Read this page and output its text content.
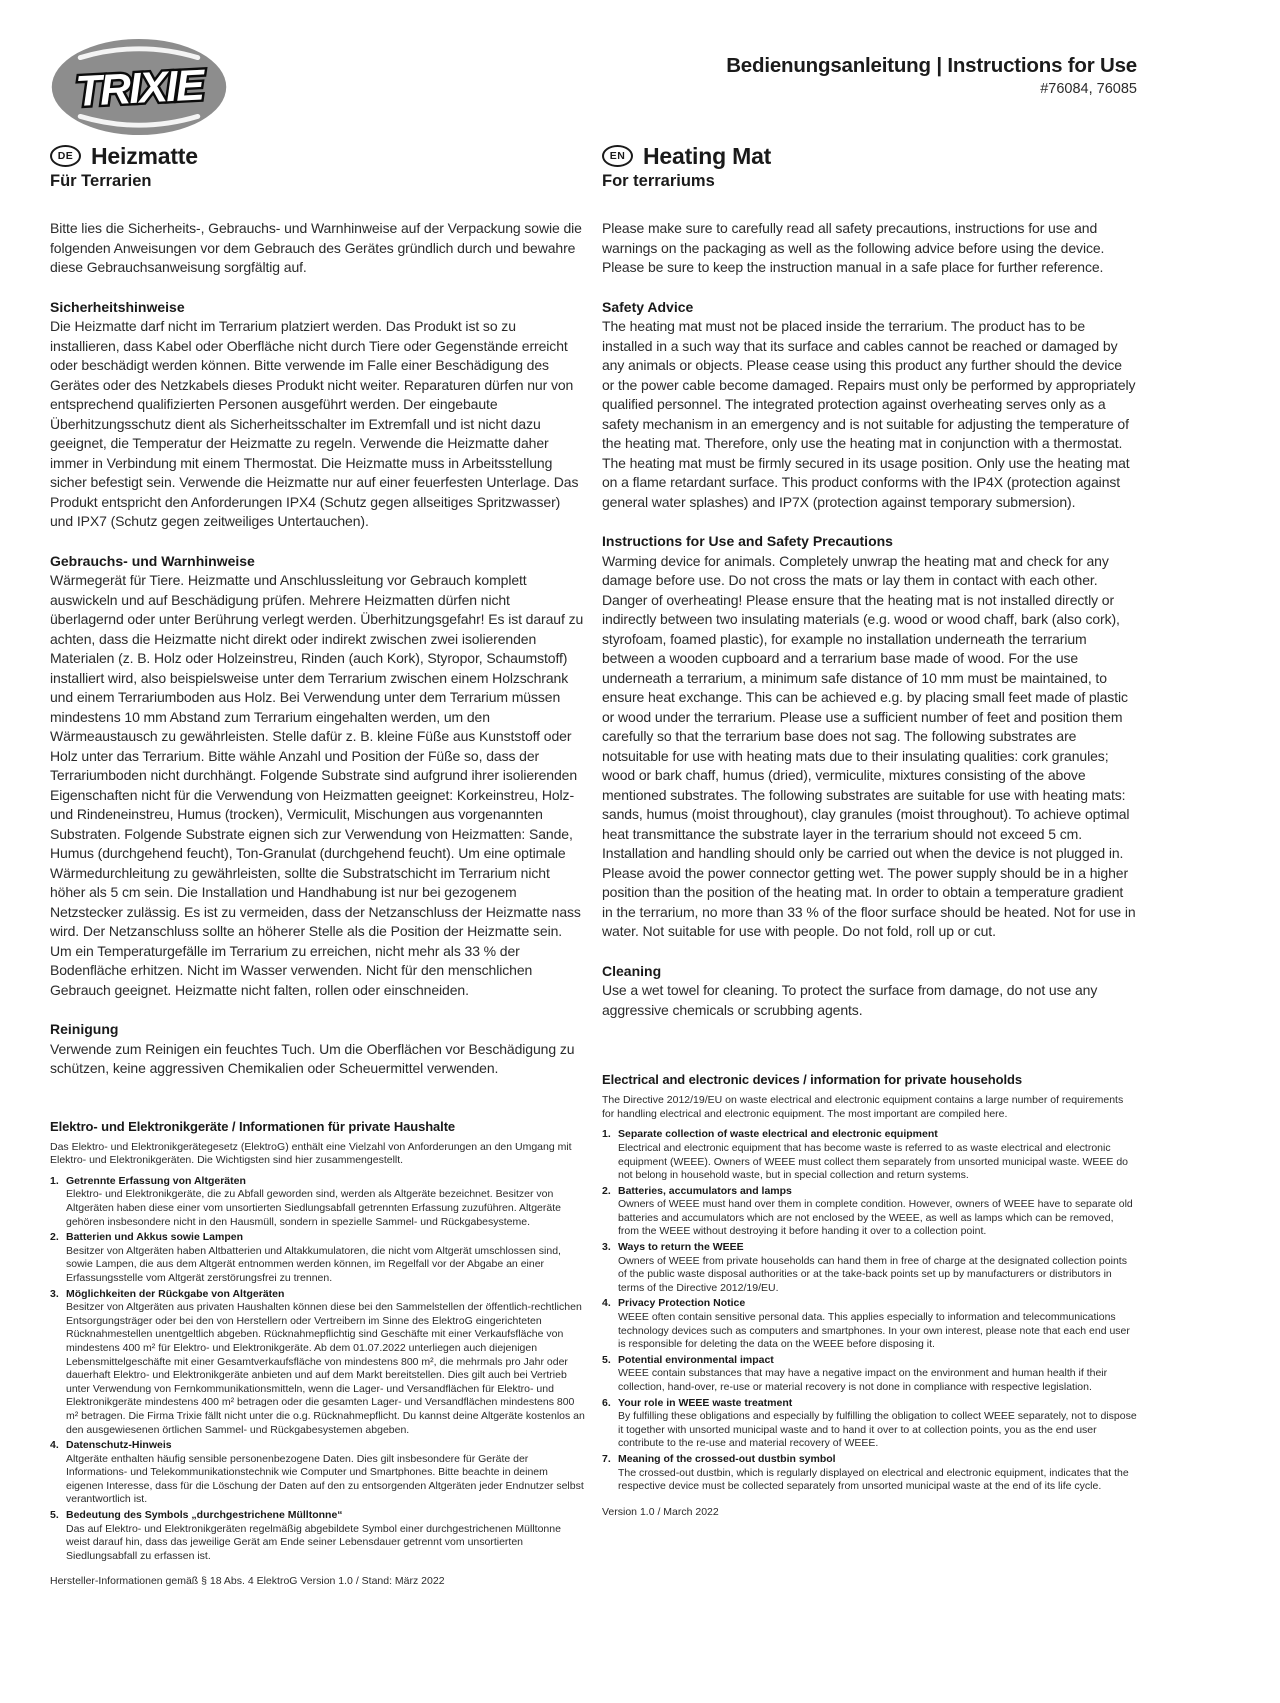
TRIXIE	Bedienungsanleitung | Instructions for Use
#76084, 76085
DE Heizmatte
Für Terrarien

Bitte lies die Sicherheits-, Gebrauchs- und Warnhinweise auf der Verpackung sowie die folgenden Anweisungen vor dem Gebrauch des Gerätes gründlich durch und bewahre diese Gebrauchsanweisung sorgfältig auf.

Sicherheitshinweise

Die Heizmatte darf nicht im Terrarium platziert werden. Das Produkt ist so zu installieren, dass Kabel oder Oberfläche nicht durch Tiere oder Gegenstände erreicht oder beschädigt werden können. Bitte verwende im Falle einer Beschädigung des Gerätes oder des Netzkabels dieses Produkt nicht weiter. Reparaturen dürfen nur von entsprechend qualifizierten Personen ausgeführt werden. Der eingebaute Überhitzungsschutz dient als Sicherheitsschalter im Extremfall und ist nicht dazu geeignet, die Temperatur der Heizmatte zu regeln. Verwende die Heizmatte daher immer in Verbindung mit einem Thermostat. Die Heizmatte muss in Arbeitsstellung sicher befestigt sein. Verwende die Heizmatte nur auf einer feuerfesten Unterlage. Das Produkt entspricht den Anforderungen IPX4 (Schutz gegen allseitiges Spritzwasser) und IPX7 (Schutz gegen zeitweiliges Untertauchen).

Gebrauchs- und Warnhinweise

Wärmegerät für Tiere. Heizmatte und Anschlussleitung vor Gebrauch komplett auswickeln und auf Beschädigung prüfen. Mehrere Heizmatten dürfen nicht überlagernd oder unter Berührung verlegt werden. Überhitzungsgefahr! Es ist darauf zu achten, dass die Heizmatte nicht direkt oder indirekt zwischen zwei isolierenden Materialen (z. B. Holz oder Holzeinstreu, Rinden (auch Kork), Styropor, Schaumstoff) installiert wird, also beispielsweise unter dem Terrarium zwischen einem Holzschrank und einem Terrariumboden aus Holz. Bei Verwendung unter dem Terrarium müssen mindestens 10 mm Abstand zum Terrarium eingehalten werden, um den Wärmeaustausch zu gewährleisten. Stelle dafür z. B. kleine Füße aus Kunststoff oder Holz unter das Terrarium. Bitte wähle Anzahl und Position der Füße so, dass der Terrariumboden nicht durchhängt. Folgende Substrate sind aufgrund ihrer isolierenden Eigenschaften nicht für die Verwendung von Heizmatten geeignet: Korkeinstreu, Holz- und Rindeneinstreu, Humus (trocken), Vermiculit, Mischungen aus vorgenannten Substraten. Folgende Substrate eignen sich zur Verwendung von Heizmatten: Sande, Humus (durchgehend feucht), Ton-Granulat (durchgehend feucht). Um eine optimale Wärmedurchleitung zu gewährleisten, sollte die Substratschicht im Terrarium nicht höher als 5 cm sein. Die Installation und Handhabung ist nur bei gezogenem Netzstecker zulässig. Es ist zu vermeiden, dass der Netzanschluss der Heizmatte nass wird. Der Netzanschluss sollte an höherer Stelle als die Position der Heizmatte sein. Um ein Temperaturgefälle im Terrarium zu erreichen, nicht mehr als 33 % der Bodenfläche erhitzen. Nicht im Wasser verwenden. Nicht für den menschlichen Gebrauch geeignet. Heizmatte nicht falten, rollen oder einschneiden.

Reinigung

Verwende zum Reinigen ein feuchtes Tuch. Um die Oberflächen vor Beschädigung zu schützen, keine aggressiven Chemikalien oder Scheuermittel verwenden.

Elektro- und Elektronikgeräte / Informationen für private Haushalte

Das Elektro- und Elektronikgerätegesetz (ElektroG) enthält eine Vielzahl von Anforderungen an den Umgang mit Elektro- und Elektronikgeräten. Die Wichtigsten sind hier zusammengestellt.

Getrennte Erfassung von Altgeräten
Elektro- und Elektronikgeräte, die zu Abfall geworden sind, werden als Altgeräte bezeichnet. Besitzer von Altgeräten haben diese einer vom unsortierten Siedlungsabfall getrennten Erfassung zuzuführen. Altgeräte gehören insbesondere nicht in den Hausmüll, sondern in spezielle Sammel- und Rückgabesysteme.
Batterien und Akkus sowie Lampen
Besitzer von Altgeräten haben Altbatterien und Altakkumulatoren, die nicht vom Altgerät umschlossen sind, sowie Lampen, die aus dem Altgerät entnommen werden können, im Regelfall vor der Abgabe an einer Erfassungsstelle vom Altgerät zerstörungsfrei zu trennen.
Möglichkeiten der Rückgabe von Altgeräten
Besitzer von Altgeräten aus privaten Haushalten können diese bei den Sammelstellen der öffentlich-rechtlichen Entsorgungsträger oder bei den von Herstellern oder Vertreibern im Sinne des ElektroG eingerichteten Rücknahmestellen unentgeltlich abgeben. Rücknahmepflichtig sind Geschäfte mit einer Verkaufsfläche von mindestens 400 m² für Elektro- und Elektronikgeräte. Ab dem 01.07.2022 unterliegen auch diejenigen Lebensmittelgeschäfte mit einer Gesamtverkaufsfläche von mindestens 800 m², die mehrmals pro Jahr oder dauerhaft Elektro- und Elektronikgeräte anbieten und auf dem Markt bereitstellen. Dies gilt auch bei Vertrieb unter Verwendung von Fernkommunikationsmitteln, wenn die Lager- und Versandflächen für Elektro- und Elektronikgeräte mindestens 400 m² betragen oder die gesamten Lager- und Versandflächen mindestens 800 m² betragen. Die Firma Trixie fällt nicht unter die o.g. Rücknahmepflicht. Du kannst deine Altgeräte kostenlos an den ausgewiesenen örtlichen Sammel- und Rückgabesystemen abgeben.
Datenschutz-Hinweis
Altgeräte enthalten häufig sensible personenbezogene Daten. Dies gilt insbesondere für Geräte der Informations- und Telekommunikationstechnik wie Computer und Smartphones. Bitte beachte in deinem eigenen Interesse, dass für die Löschung der Daten auf den zu entsorgenden Altgeräten jeder Endnutzer selbst verantwortlich ist.
Bedeutung des Symbols „durchgestrichene Mülltonne“
Das auf Elektro- und Elektronikgeräten regelmäßig abgebildete Symbol einer durchgestrichenen Mülltonne weist darauf hin, dass das jeweilige Gerät am Ende seiner Lebensdauer getrennt vom unsortierten Siedlungsabfall zu erfassen ist.

Hersteller-Informationen gemäß § 18 Abs. 4 ElektroG Version 1.0 / Stand: März 2022

EN Heating Mat
For terrariums

Please make sure to carefully read all safety precautions, instructions for use and warnings on the packaging as well as the following advice before using the device. Please be sure to keep the instruction manual in a safe place for further reference.

Safety Advice

The heating mat must not be placed inside the terrarium. The product has to be installed in a such way that its surface and cables cannot be reached or damaged by any animals or objects. Please cease using this product any further should the device or the power cable become damaged. Repairs must only be performed by appropriately qualified personnel. The integrated protection against overheating serves only as a safety mechanism in an emergency and is not suitable for adjusting the temperature of the heating mat. Therefore, only use the heating mat in conjunction with a thermostat. The heating mat must be firmly secured in its usage position. Only use the heating mat on a flame retardant surface. This product conforms with the IP4X (protection against general water splashes) and IP7X (protection against temporary submersion).

Instructions for Use and Safety Precautions

Warming device for animals. Completely unwrap the heating mat and check for any damage before use. Do not cross the mats or lay them in contact with each other. Danger of overheating! Please ensure that the heating mat is not installed directly or indirectly between two insulating materials (e.g. wood or wood chaff, bark (also cork), styrofoam, foamed plastic), for example no installation underneath the terrarium between a wooden cupboard and a terrarium base made of wood. For the use underneath a terrarium, a minimum safe distance of 10 mm must be maintained, to ensure heat exchange. This can be achieved e.g. by placing small feet made of plastic or wood under the terrarium. Please use a sufficient number of feet and position them carefully so that the terrarium base does not sag. The following substrates are notsuitable for use with heating mats due to their insulating qualities: cork granules; wood or bark chaff, humus (dried), vermiculite, mixtures consisting of the above mentioned substrates. The following substrates are suitable for use with heating mats: sands, humus (moist throughout), clay granules (moist throughout). To achieve optimal heat transmittance the substrate layer in the terrarium should not exceed 5 cm. Installation and handling should only be carried out when the device is not plugged in. Please avoid the power connector getting wet. The power supply should be in a higher position than the position of the heating mat. In order to obtain a temperature gradient in the terrarium, no more than 33 % of the floor surface should be heated. Not for use in water. Not suitable for use with people. Do not fold, roll up or cut.

Cleaning

Use a wet towel for cleaning. To protect the surface from damage, do not use any aggressive chemicals or scrubbing agents.

Electrical and electronic devices / information for private households

The Directive 2012/19/EU on waste electrical and electronic equipment contains a large number of requirements for handling electrical and electronic equipment. The most important are compiled here.

Separate collection of waste electrical and electronic equipment
Electrical and electronic equipment that has become waste is referred to as waste electrical and electronic equipment (WEEE). Owners of WEEE must collect them separately from unsorted municipal waste. WEEE do not belong in household waste, but in special collection and return systems.
Batteries, accumulators and lamps
Owners of WEEE must hand over them in complete condition. However, owners of WEEE have to separate old batteries and accumulators which are not enclosed by the WEEE, as well as lamps which can be removed, from the WEEE without destroying it before handing it over to a collection point.
Ways to return the WEEE
Owners of WEEE from private households can hand them in free of charge at the designated collection points of the public waste disposal authorities or at the take-back points set up by manufacturers or distributors in terms of the Directive 2012/19/EU.
Privacy Protection Notice
WEEE often contain sensitive personal data. This applies especially to information and telecommunications technology devices such as computers and smartphones. In your own interest, please note that each end user is responsible for deleting the data on the WEEE before disposing it.
Potential environmental impact
WEEE contain substances that may have a negative impact on the environment and human health if their collection, hand-over, re-use or material recovery is not done in compliance with respective legislation.
Your role in WEEE waste treatment
By fulfilling these obligations and especially by fulfilling the obligation to collect WEEE separately, not to dispose it together with unsorted municipal waste and to hand it over to at collection points, you as the end user contribute to the re-use and material recovery of WEEE.
Meaning of the crossed-out dustbin symbol
The crossed-out dustbin, which is regularly displayed on electrical and electronic equipment, indicates that the respective device must be collected separately from unsorted municipal waste at the end of its life cycle.

Version 1.0 / March 2022
